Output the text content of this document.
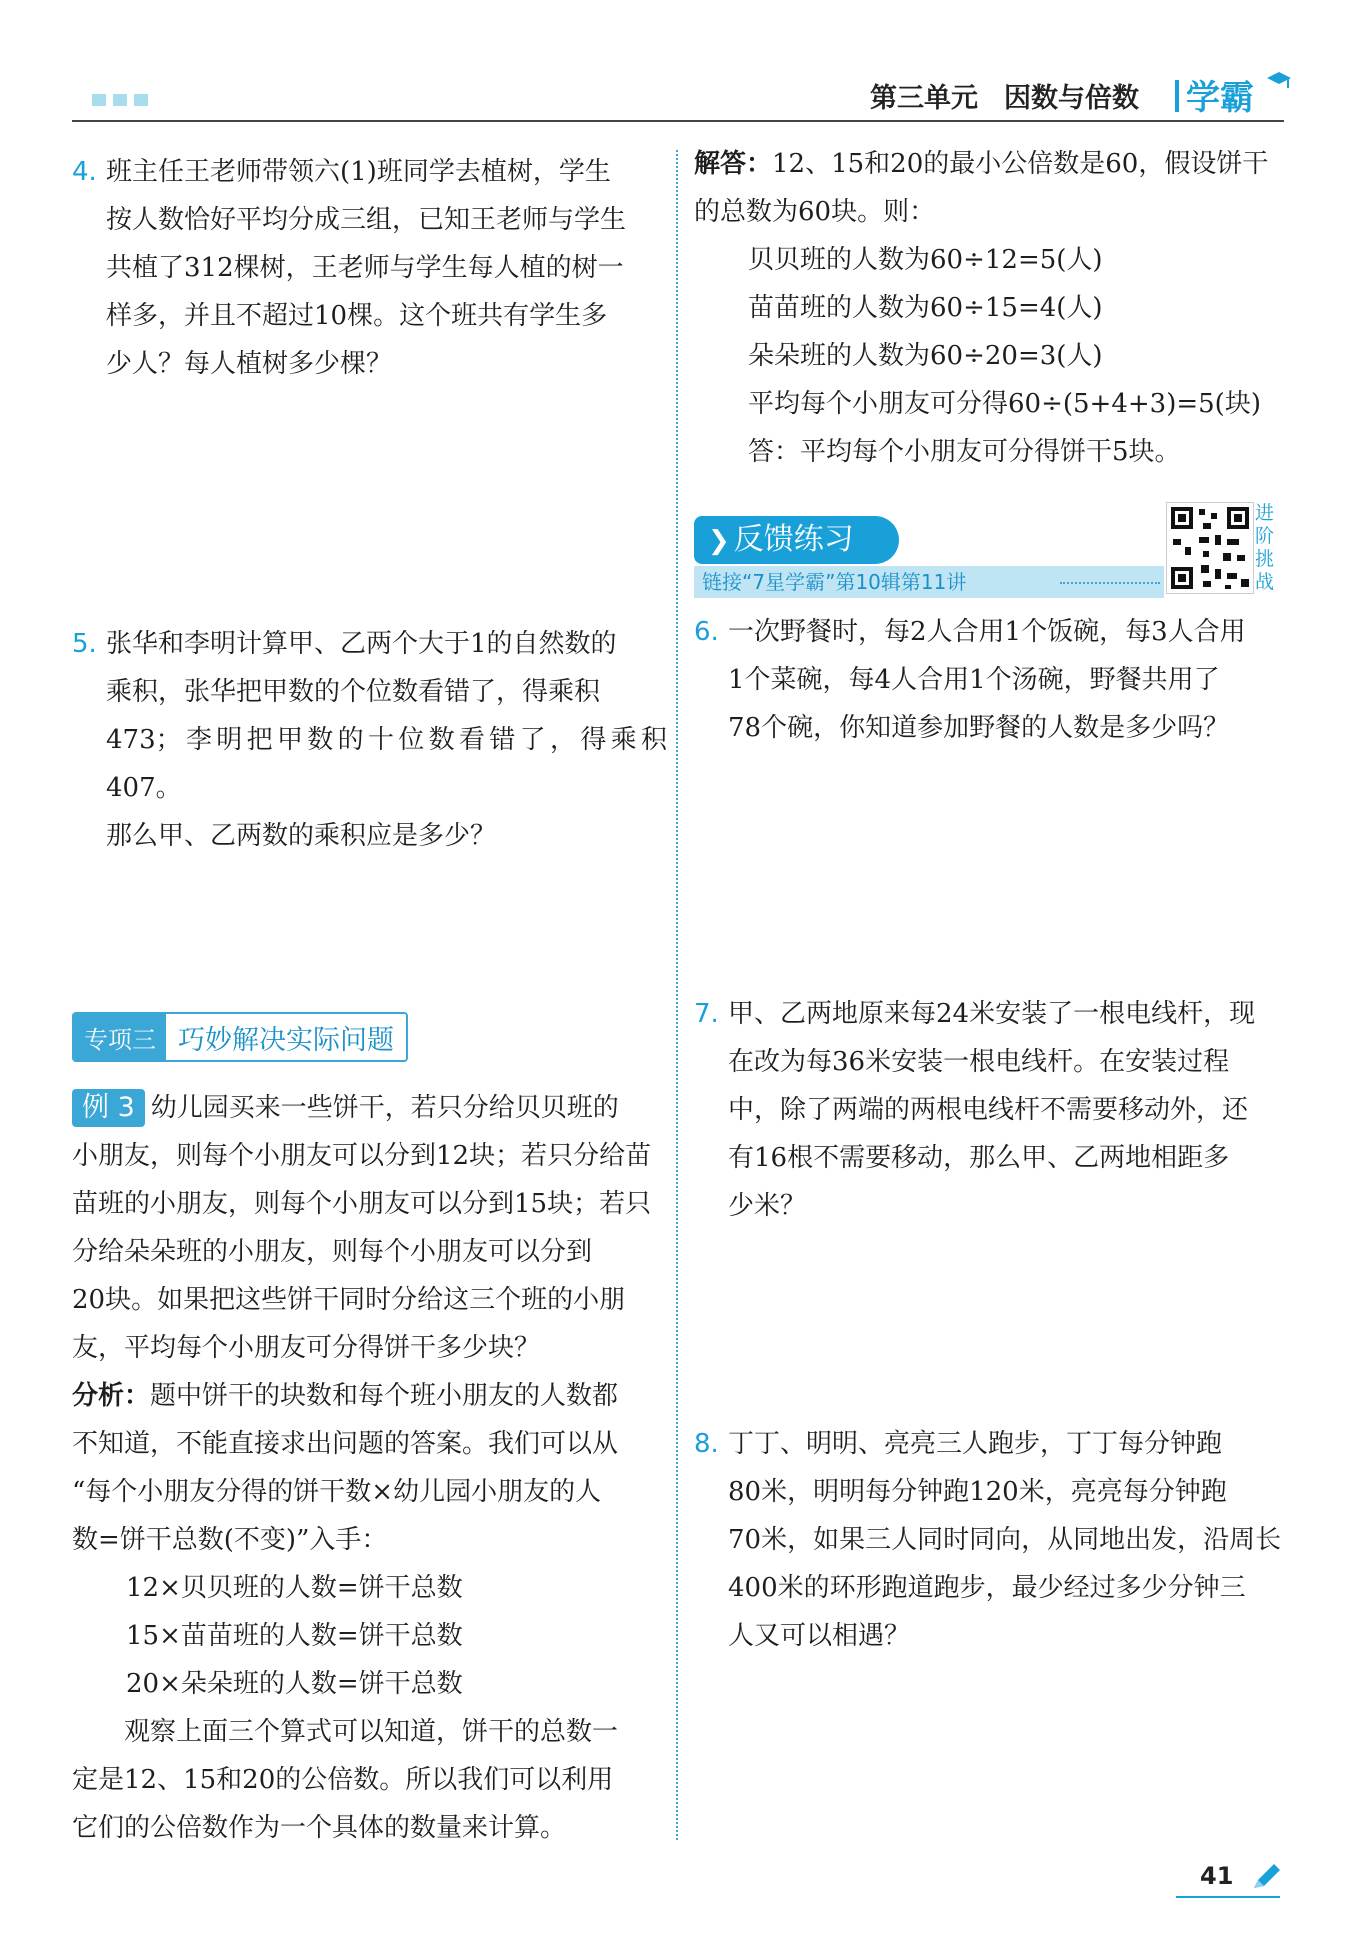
第三单元 因数与倍数 学霸
4. 班主任王老师带领六(1)班同学去植树，学生
按人数恰好平均分成三组，已知王老师与学生
共植了312棵树，王老师与学生每人植的树一
样多，并且不超过10棵。这个班共有学生多
少人？每人植树多少棵？
5. 张华和李明计算甲、乙两个大于1的自然数的
乘积，张华把甲数的个位数看错了，得乘积
473；李明把甲数的十位数看错了，得乘积407。
那么甲、乙两数的乘积应是多少？
专项三 巧妙解决实际问题
例 3 幼儿园买来一些饼干，若只分给贝贝班的
小朋友，则每个小朋友可以分到12块；若只分给苗
苗班的小朋友，则每个小朋友可以分到15块；若只
分给朵朵班的小朋友，则每个小朋友可以分到
20块。如果把这些饼干同时分给这三个班的小朋
友，平均每个小朋友可分得饼干多少块？
分析：题中饼干的块数和每个班小朋友的人数都
不知道，不能直接求出问题的答案。我们可以从
“每个小朋友分得的饼干数×幼儿园小朋友的人
数=饼干总数(不变)”入手：
12×贝贝班的人数=饼干总数
15×苗苗班的人数=饼干总数
20×朵朵班的人数=饼干总数
观察上面三个算式可以知道，饼干的总数一
定是12、15和20的公倍数。所以我们可以利用
它们的公倍数作为一个具体的数量来计算。
解答：12、15和20的最小公倍数是60，假设饼干
的总数为60块。则：
贝贝班的人数为60÷12=5(人)
苗苗班的人数为60÷15=4(人)
朵朵班的人数为60÷20=3(人)
平均每个小朋友可分得60÷(5+4+3)=5(块)
答：平均每个小朋友可分得饼干5块。
❯ 反馈练习
链接“7星学霸”第10辑第11讲
进
阶
挑
战
6. 一次野餐时，每2人合用1个饭碗，每3人合用
1个菜碗，每4人合用1个汤碗，野餐共用了
78个碗，你知道参加野餐的人数是多少吗？
7. 甲、乙两地原来每24米安装了一根电线杆，现
在改为每36米安装一根电线杆。在安装过程
中，除了两端的两根电线杆不需要移动外，还
有16根不需要移动，那么甲、乙两地相距多
少米？
8. 丁丁、明明、亮亮三人跑步，丁丁每分钟跑
80米，明明每分钟跑120米，亮亮每分钟跑
70米，如果三人同时同向，从同地出发，沿周长
400米的环形跑道跑步，最少经过多少分钟三
人又可以相遇？
41
